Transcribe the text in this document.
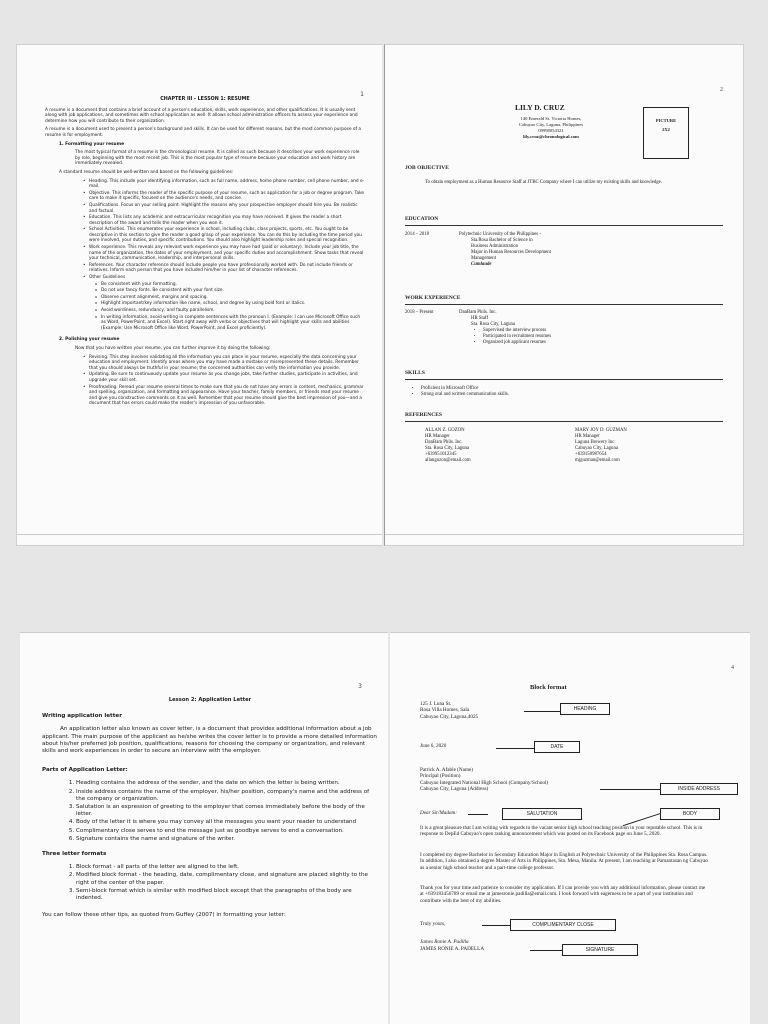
1
CHAPTER III - LESSON 1: RESUME

A resume is a document that contains a brief account of a person's education, skills, work experience, and other qualifications. It is usually sent along with job applications, and sometimes with school application as well. It allows school administration officers to assess your experience and determine how you will contribute to their organization.

A resume is a document used to present a person's background and skills. It can be used for different reasons, but the most common purpose of a resume is for employment.

1. Formatting your resume

The most typical format of a resume is the chronological resume. It is called as such because it describes your work experience role by role, beginning with the most recent job. This is the most popular type of resume because your education and work history are immediately revealed.

A standard resume should be well-written and based on the following guidelines:

• Heading. This include your identifying information, such as full name, address, home phone number, cell phone number, and e-mail.
• Objective. This informs the reader of the specific purpose of your resume, such as application for a job or degree program. Take care to make it specific, focused on the audience's needs, and concise.
• Qualifications. Focus on your selling point. Highlight the reasons why your prospective employer should hire you. Be realistic and factual.
• Education. This lists any academic and extracurricular recognition you may have received. It gives the reader a short description of the award and tells the reader when you won it.
• School Activities. This enumerates your experience in school, including clubs, class projects, sports, etc. You ought to be descriptive in this section to give the reader a good grasp of your experience. You can do this by including the time period you were involved, your duties, and specific contributions. You should also highlight leadership roles and special recognition.
• Work experience. This reveals any relevant work experience you may have had (paid or voluntary). Include your job title, the name of the organization, the dates of your employment, and your specific duties and accomplishment. Show tasks that reveal your technical, communication, leadership, and interpersonal skills.
• References. Your character reference should include people you have professionally worked with. Do not include friends or relatives. Inform each person that you have included him/her in your list of character references.
• Other Guidelines
o Be consistent with your formatting.
o Do not use fancy fonts. Be consistent with your font size.
o Observe current alignment, margins and spacing.
o Highlight important/key information like name, school, and degree by using bold font or italics.
o Avoid wordiness, redundancy, and faulty parallelism.
o In writing information, avoid writing in complete sentences with the pronoun I. (Example: I can use Microsoft Office such as Word, PowerPoint, and Excel). Start right away with verbs or objectives that will highlight your skills and abilities (Example: Use Microsoft Office like Word, PowerPoint, and Excel proficiently).

2. Polishing your resume

Now that you have written your resume, you can further improve it by doing the following:

• Revising. This step involves validating all the information you can place in your resume, especially the data concerning your education and employment. Identify areas where you may have made a mistake or misrepresented these details. Remember that you should always be truthful in your resume; the concerned authorities can verify the information you provide.
• Updating. Be sure to continuously update your resume as you change jobs, take further studies, participate in activities, and upgrade your skill set.
• Proofreading. Reread your resume several times to make sure that you do not have any errors in content, mechanics, grammar and spelling, organization, and formatting and appearance. Have your teacher, family members, or friends read your resume and give you constructive comments on it as well. Remember that your resume should give the best impression of you—and a document that has errors could make the reader's impression of you unfavorable.
2
LILY D. CRUZ
140 Emerald St. Victoria Homes,
Cabuyao City, Laguna, Philippines
09998054321
lily.cruz@chronological.com
PICTURE
2X2
JOB OBJECTIVE
To obtain employment as a Human Resource Staff at JTBC Company where I can utilize my existing skills and knowledge.
EDUCATION
2014 – 2018	Polytechnic University of the Philippines -
Sta.Rosa Bachelor of Science in
Business Administration
Major in Human Resources Development
Management
Cumlaude
WORK EXPERIENCE
2018 – Present	DanBam Phils. Inc.
HR Staff
Sta. Rosa City, Laguna
• Supervised the interview process
• Participated in recruitment resumes
• Organized job applicant resumes
SKILLS
• Proficient in Microsoft Office
• Strong oral and written communication skills.
REFERENCES
ALLAN Z. GOZON
HR Manager
DanBam Phils. Inc.
Sta. Rosa City, Laguna
+639951012345
allangozon@email.com
MARY JOY D. GUZMAN
HR Manager
Laguna Brewery Inc
Cabuyao City, Laguna
+639150987654
mjguzman@email.com
3
Lesson 2: Application Letter
Writing application letter

An application letter also known as cover letter, is a document that provides additional information about a job applicant. The main purpose of the applicant as he/she writes the cover letter is to provide a more detailed information about his/her preferred job position, qualifications, reasons for choosing the company or organization, and relevant skills and work experiences in order to secure an interview with the employer.

Parts of Application Letter:
1. Heading contains the address of the sender, and the date on which the letter is being written.
2. Inside address contains the name of the employer, his/her position, company's name and the address of the company or organization.
3. Salutation is an expression of greeting to the employer that comes immediately before the body of the letter.
4. Body of the letter it is where you may convey all the messages you want your reader to understand
5. Complimentary close serves to end the message just as goodbye serves to end a conversation.
6. Signature contains the name and signature of the writer.
Three letter formats
1. Block format - all parts of the letter are aligned to the left.
2. Modified block format - the heading, date, complimentary close, and signature are placed slightly to the right of the center of the paper.
3. Semi-block format which is similar with modified block except that the paragraphs of the body are indented.

You can follow these other tips, as quoted from Guffey (2007) in formatting your letter:

4
Block format
125 J. Luna St.
Rosa Villa Homes, Sala
Cabuyao City, Laguna,4025
HEADING
June 6, 2020	DATE
Patrick A. Afable (Name)
Principal (Position)
Cabuyao Integrated National High School (Company/School)
Cabuyao City, Laguna (Address)	INSIDE ADDRESS
Dear Sir/Madam:	SALUTATION	BODY
It is a great pleasure that I am writing with regards to the vacant senior high school teaching position in your reputable school. This is in response to DepEd Cabuyao's open ranking announcement which was posted on its Facebook page on June 5, 2020.
I completed my degree Bachelor in Secondary Education Major in English at Polytechnic University of the Philippines Sta. Rosa Campus. In addition, I also obtained a degree Master of Arts in Philippines, Sta. Mesa, Manila. At present, I am teaching at Pamantasan ng Cabuyao as a senior high school teacher and a part-time college professor.
Thank you for your time and patience to consider my application. If I can provide you with any additional information, please contact me at +639183456789 or email me at jamesronie.padilla@email.com. I look forward with eagerness to be a part of your institution and contribute with the best of my abilities.
Truly yours,	COMPLIMENTARY CLOSE
James Ronie A. Padilla
JAMES RONIE A. PADELLA	SIGNATURE
